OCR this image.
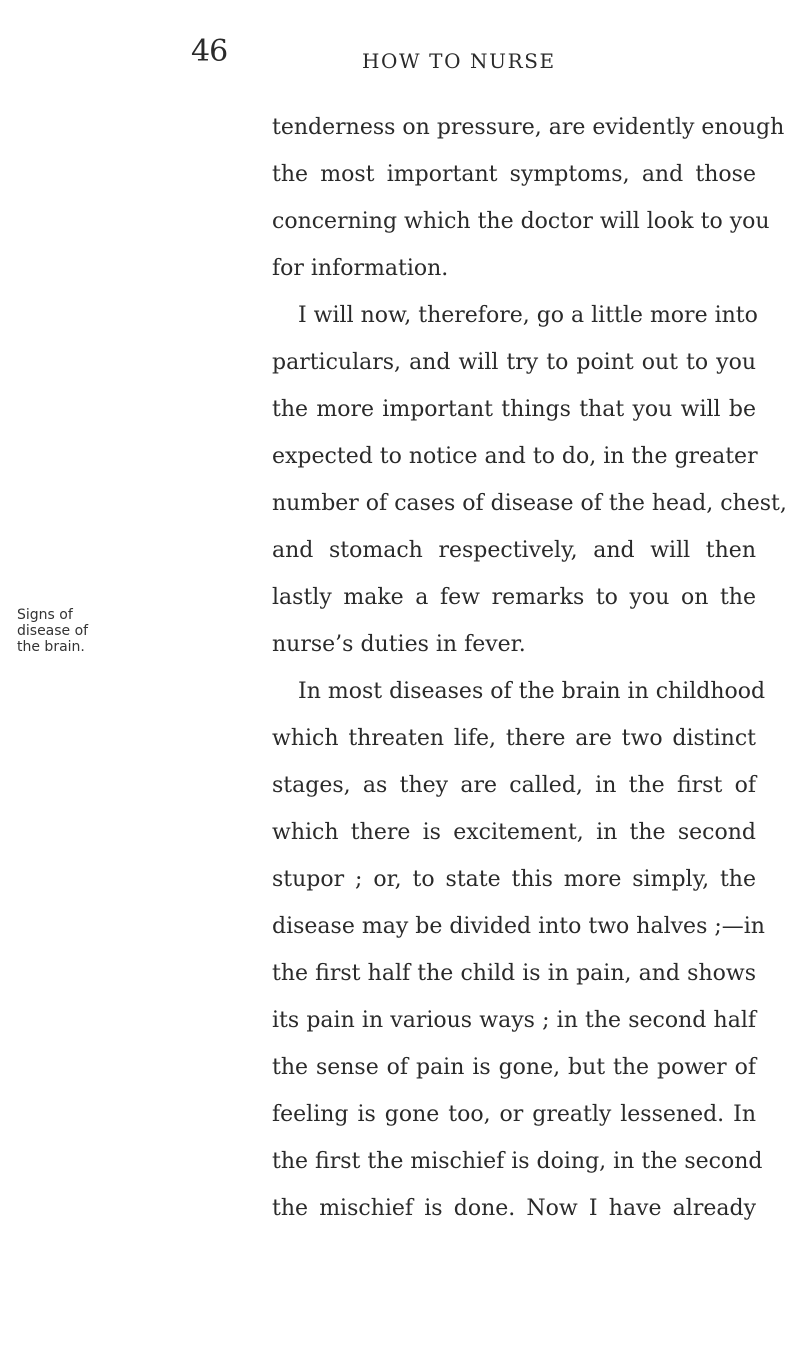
46	HOW TO NURSE
Signs of
disease of
the brain.
tenderness on pressure, are evidently enough
the most important symptoms, and those
concerning which the doctor will look to you
for information.
I will now, therefore, go a little more into
particulars, and will try to point out to you
the more important things that you will be
expected to notice and to do, in the greater
number of cases of disease of the head, chest,
and stomach respectively, and will then
lastly make a few remarks to you on the
nurse’s duties in fever.
In most diseases of the brain in childhood
which threaten life, there are two distinct
stages, as they are called, in the first of
which there is excitement, in the second
stupor ; or, to state this more simply, the
disease may be divided into two halves ;—in
the first half the child is in pain, and shows
its pain in various ways ; in the second half
the sense of pain is gone, but the power of
feeling is gone too, or greatly lessened. In
the first the mischief is doing, in the second
the mischief is done. Now I have already
